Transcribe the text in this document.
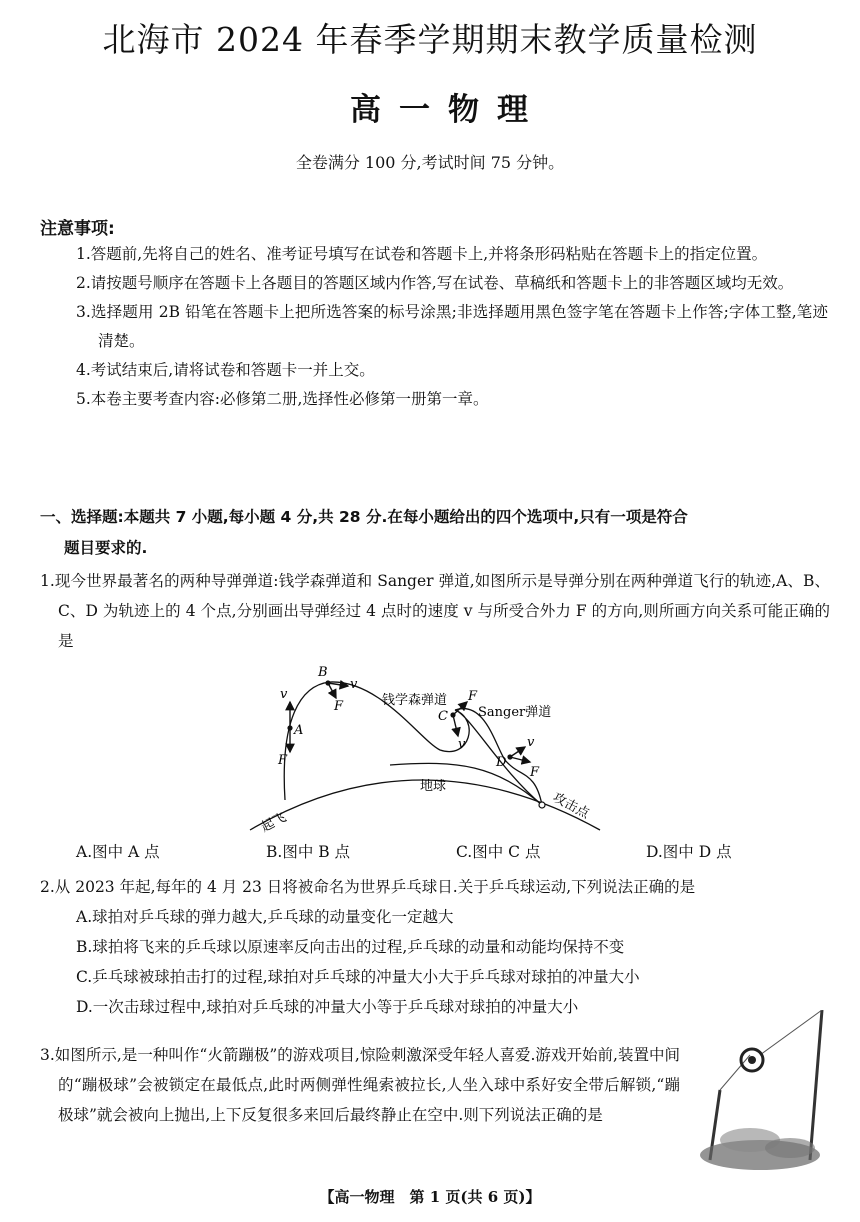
北海市 2024 年春季学期期末教学质量检测
高一物理
全卷满分 100 分,考试时间 75 分钟。
注意事项:
1.答题前,先将自己的姓名、准考证号填写在试卷和答题卡上,并将条形码粘贴在答题卡上的指定位置。
2.请按题号顺序在答题卡上各题目的答题区域内作答,写在试卷、草稿纸和答题卡上的非答题区域均无效。
3.选择题用 2B 铅笔在答题卡上把所选答案的标号涂黑;非选择题用黑色签字笔在答题卡上作答;字体工整,笔迹清楚。
4.考试结束后,请将试卷和答题卡一并上交。
5.本卷主要考查内容:必修第二册,选择性必修第一册第一章。
一、选择题:本题共 7 小题,每小题 4 分,共 28 分.在每小题给出的四个选项中,只有一项是符合
题目要求的.
1.现今世界最著名的两种导弹弹道:钱学森弹道和 Sanger 弹道,如图所示是导弹分别在两种弹道飞行的轨迹,A、B、C、D 为轨迹上的 4 个点,分别画出导弹经过 4 点时的速度 v 与所受合外力 F 的方向,则所画方向关系可能正确的是
v
A
F
B
v
F	钱学森弹道 F
C
v
Sanger弹道
v
D
F
地球
起飞
攻击点
A.图中 A 点	B.图中 B 点	C.图中 C 点	D.图中 D 点
2.从 2023 年起,每年的 4 月 23 日将被命名为世界乒乓球日.关于乒乓球运动,下列说法正确的是
A.球拍对乒乓球的弹力越大,乒乓球的动量变化一定越大
B.球拍将飞来的乒乓球以原速率反向击出的过程,乒乓球的动量和动能均保持不变
C.乒乓球被球拍击打的过程,球拍对乒乓球的冲量大小大于乒乓球对球拍的冲量大小
D.一次击球过程中,球拍对乒乓球的冲量大小等于乒乓球对球拍的冲量大小
3.如图所示,是一种叫作“火箭蹦极”的游戏项目,惊险刺激深受年轻人喜爱.游戏开始前,装置中间的“蹦极球”会被锁定在最低点,此时两侧弹性绳索被拉长,人坐入球中系好安全带后解锁,“蹦极球”就会被向上抛出,上下反复很多来回后最终静止在空中.则下列说法正确的是
【高一物理　第 1 页(共 6 页)】
